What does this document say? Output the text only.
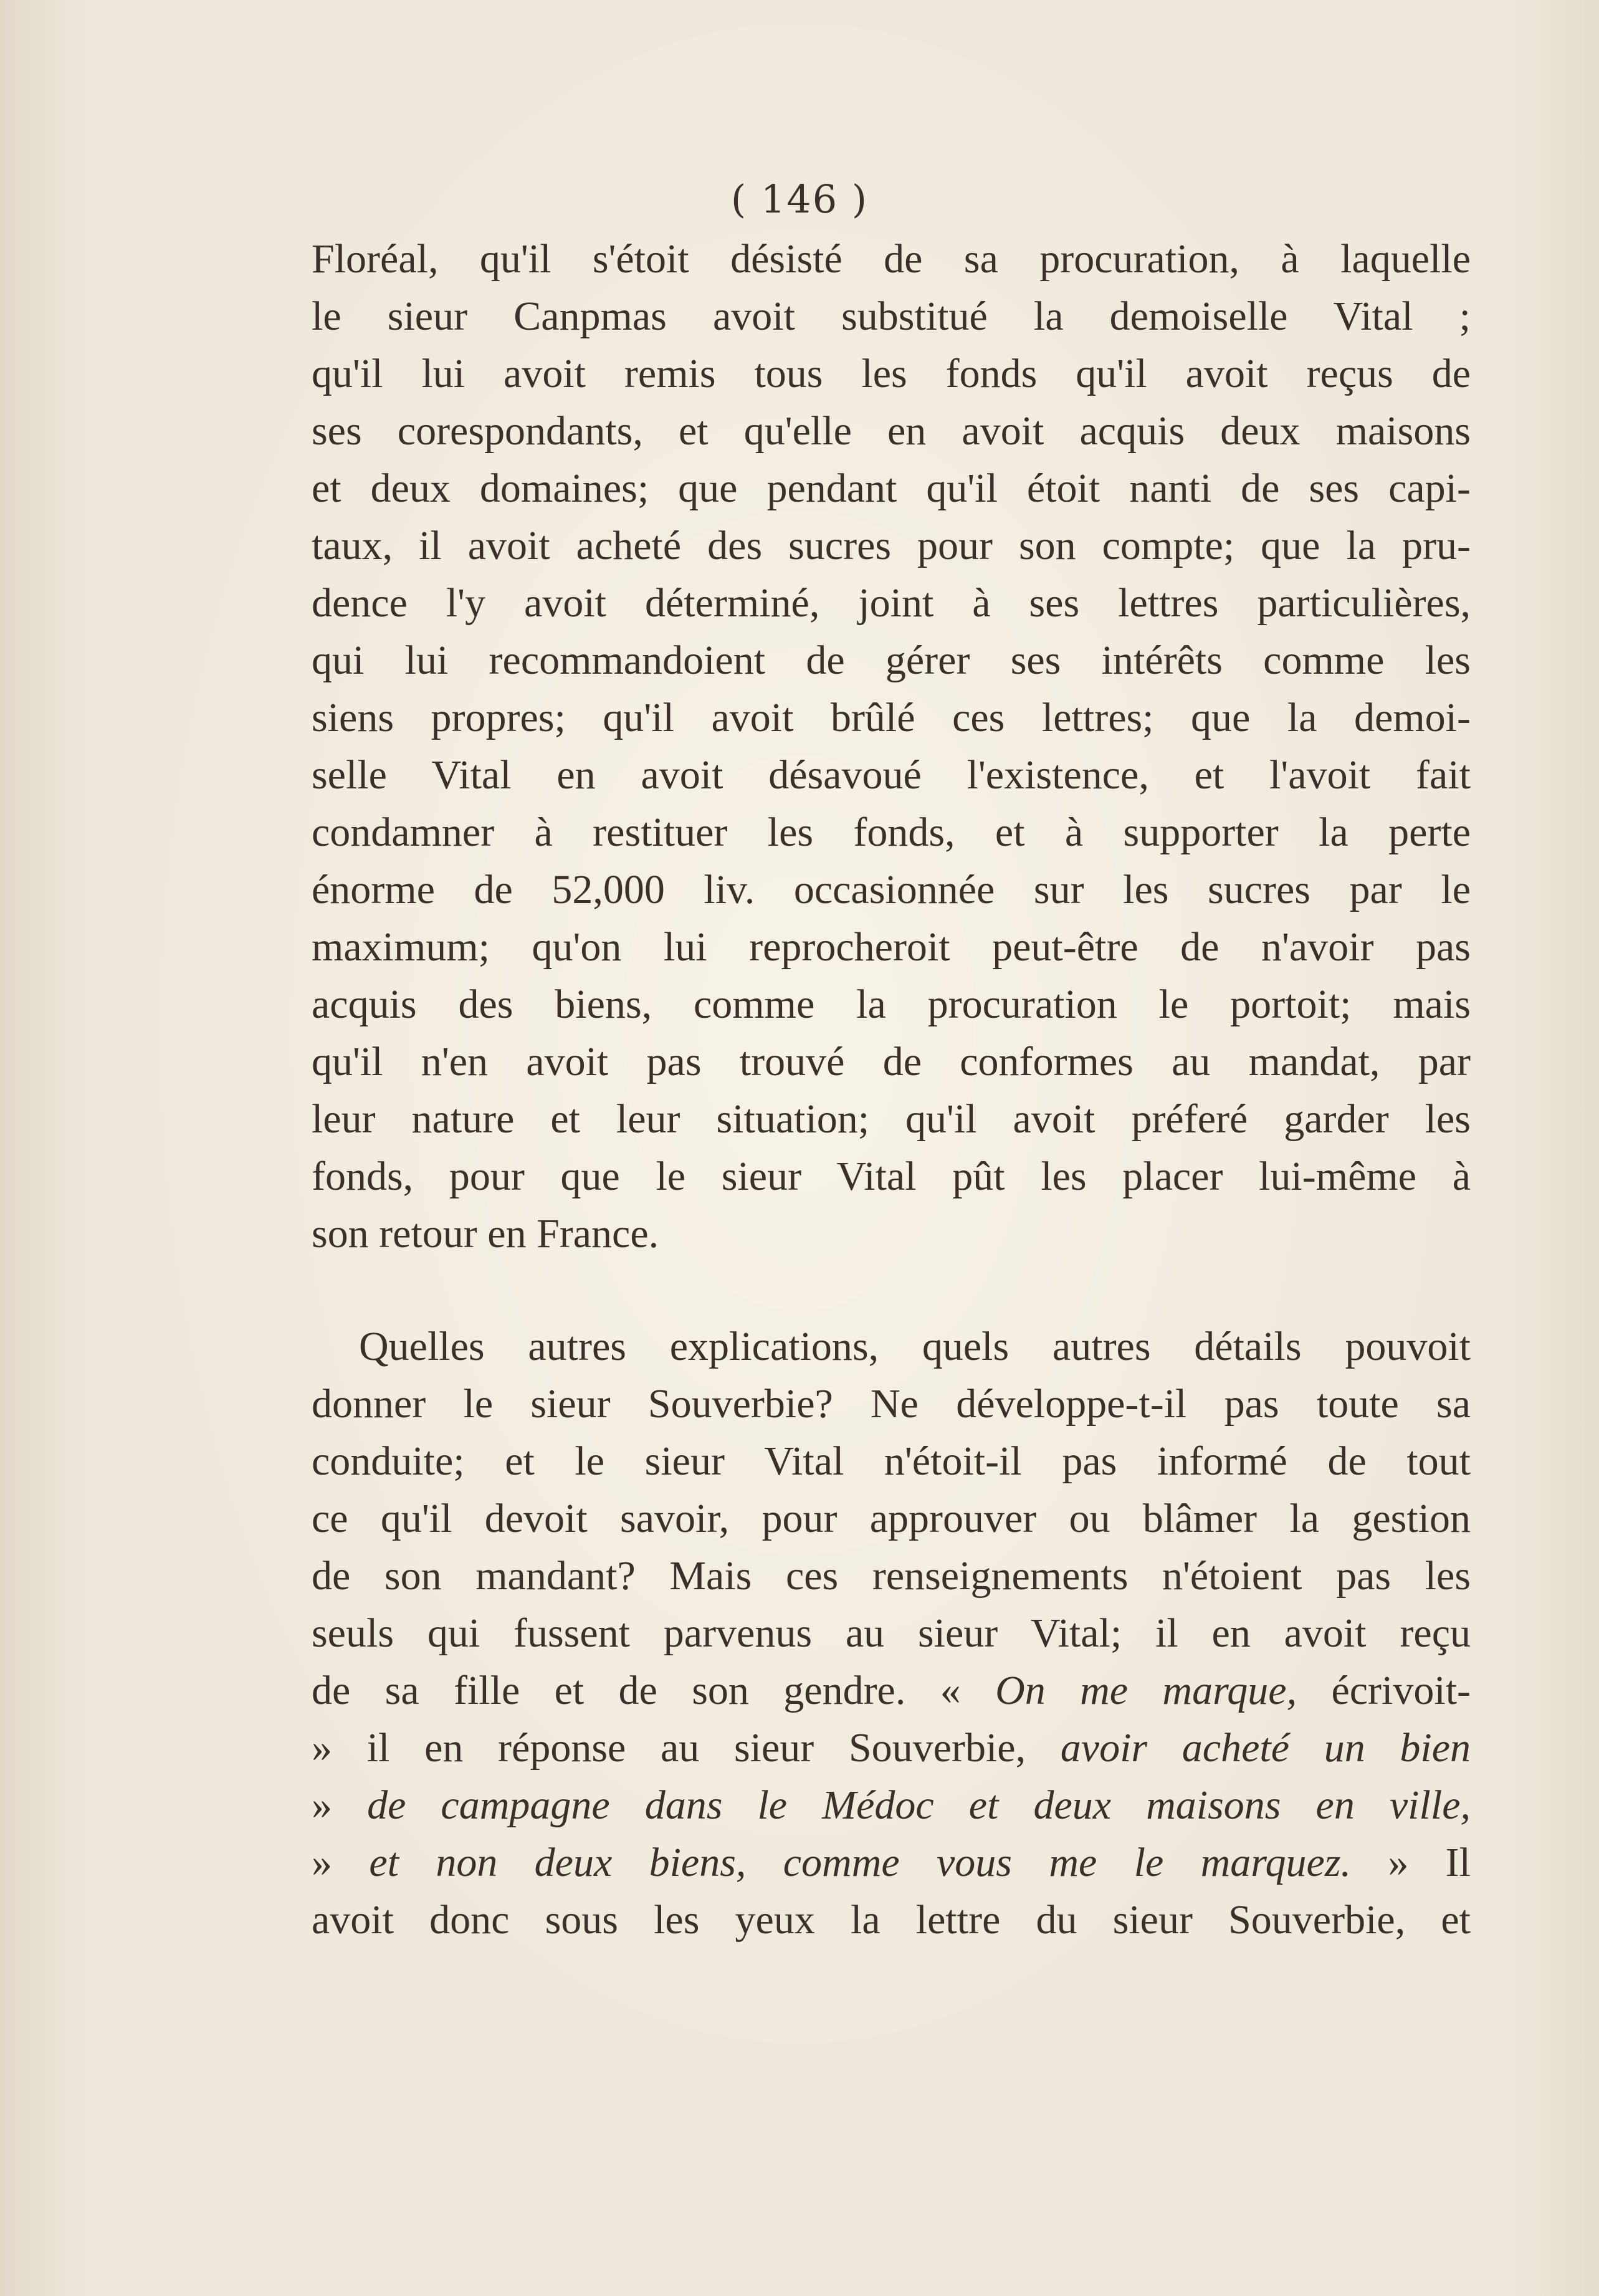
( 146 )
Floréal, qu'il s'étoit désisté de sa procuration, à laquelle
le sieur Canpmas avoit substitué la demoiselle Vital ;
qu'il lui avoit remis tous les fonds qu'il avoit reçus de
ses corespondants, et qu'elle en avoit acquis deux maisons
et deux domaines; que pendant qu'il étoit nanti de ses capi-
taux, il avoit acheté des sucres pour son compte; que la pru-
dence l'y avoit déterminé, joint à ses lettres particulières,
qui lui recommandoient de gérer ses intérêts comme les
siens propres; qu'il avoit brûlé ces lettres; que la demoi-
selle Vital en avoit désavoué l'existence, et l'avoit fait
condamner à restituer les fonds, et à supporter la perte
énorme de 52,000 liv. occasionnée sur les sucres par le
maximum; qu'on lui reprocheroit peut-être de n'avoir pas
acquis des biens, comme la procuration le portoit; mais
qu'il n'en avoit pas trouvé de conformes au mandat, par
leur nature et leur situation; qu'il avoit préferé garder les
fonds, pour que le sieur Vital pût les placer lui-même à
son retour en France.
Quelles autres explications, quels autres détails pouvoit
donner le sieur Souverbie? Ne développe-t-il pas toute sa
conduite; et le sieur Vital n'étoit-il pas informé de tout
ce qu'il devoit savoir, pour approuver ou blâmer la gestion
de son mandant? Mais ces renseignements n'étoient pas les
seuls qui fussent parvenus au sieur Vital; il en avoit reçu
de sa fille et de son gendre. « On me marque, écrivoit-
» il en réponse au sieur Souverbie, avoir acheté un bien
» de campagne dans le Médoc et deux maisons en ville,
» et non deux biens, comme vous me le marquez. » Il
avoit donc sous les yeux la lettre du sieur Souverbie, et
